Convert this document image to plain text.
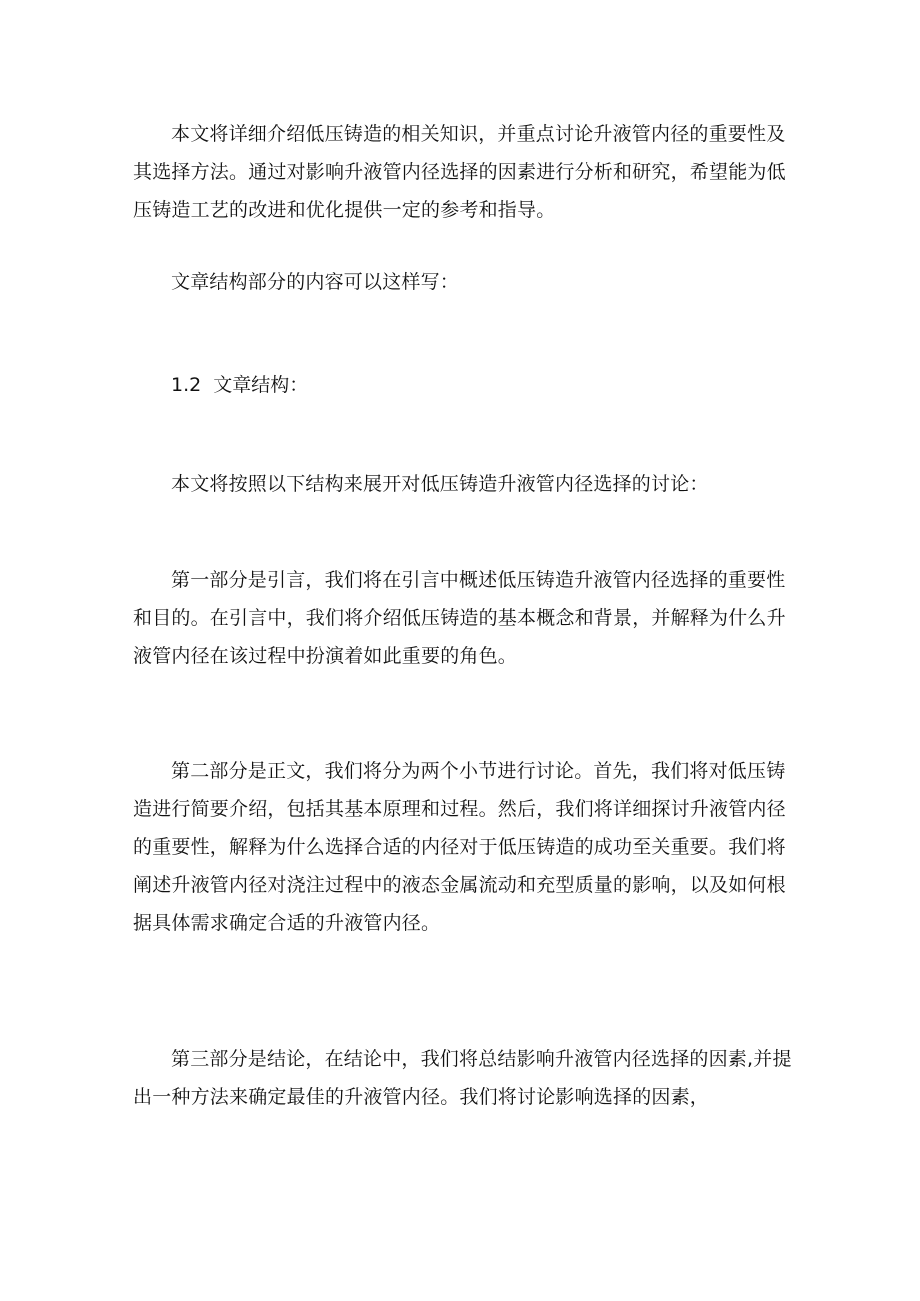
本文将详细介绍低压铸造的相关知识，并重点讨论升液管内径的重要性及其选择方法。通过对影响升液管内径选择的因素进行分析和研究，希望能为低压铸造工艺的改进和优化提供一定的参考和指导。

文章结构部分的内容可以这样写：

1.2  文章结构：

本文将按照以下结构来展开对低压铸造升液管内径选择的讨论：

第一部分是引言，我们将在引言中概述低压铸造升液管内径选择的重要性和目的。在引言中，我们将介绍低压铸造的基本概念和背景，并解释为什么升液管内径在该过程中扮演着如此重要的角色。

第二部分是正文，我们将分为两个小节进行讨论。首先，我们将对低压铸造进行简要介绍，包括其基本原理和过程。然后，我们将详细探讨升液管内径的重要性，解释为什么选择合适的内径对于低压铸造的成功至关重要。我们将阐述升液管内径对浇注过程中的液态金属流动和充型质量的影响，以及如何根据具体需求确定合适的升液管内径。

第三部分是结论，在结论中，我们将总结影响升液管内径选择的因素,并提出一种方法来确定最佳的升液管内径。我们将讨论影响选择的因素，
